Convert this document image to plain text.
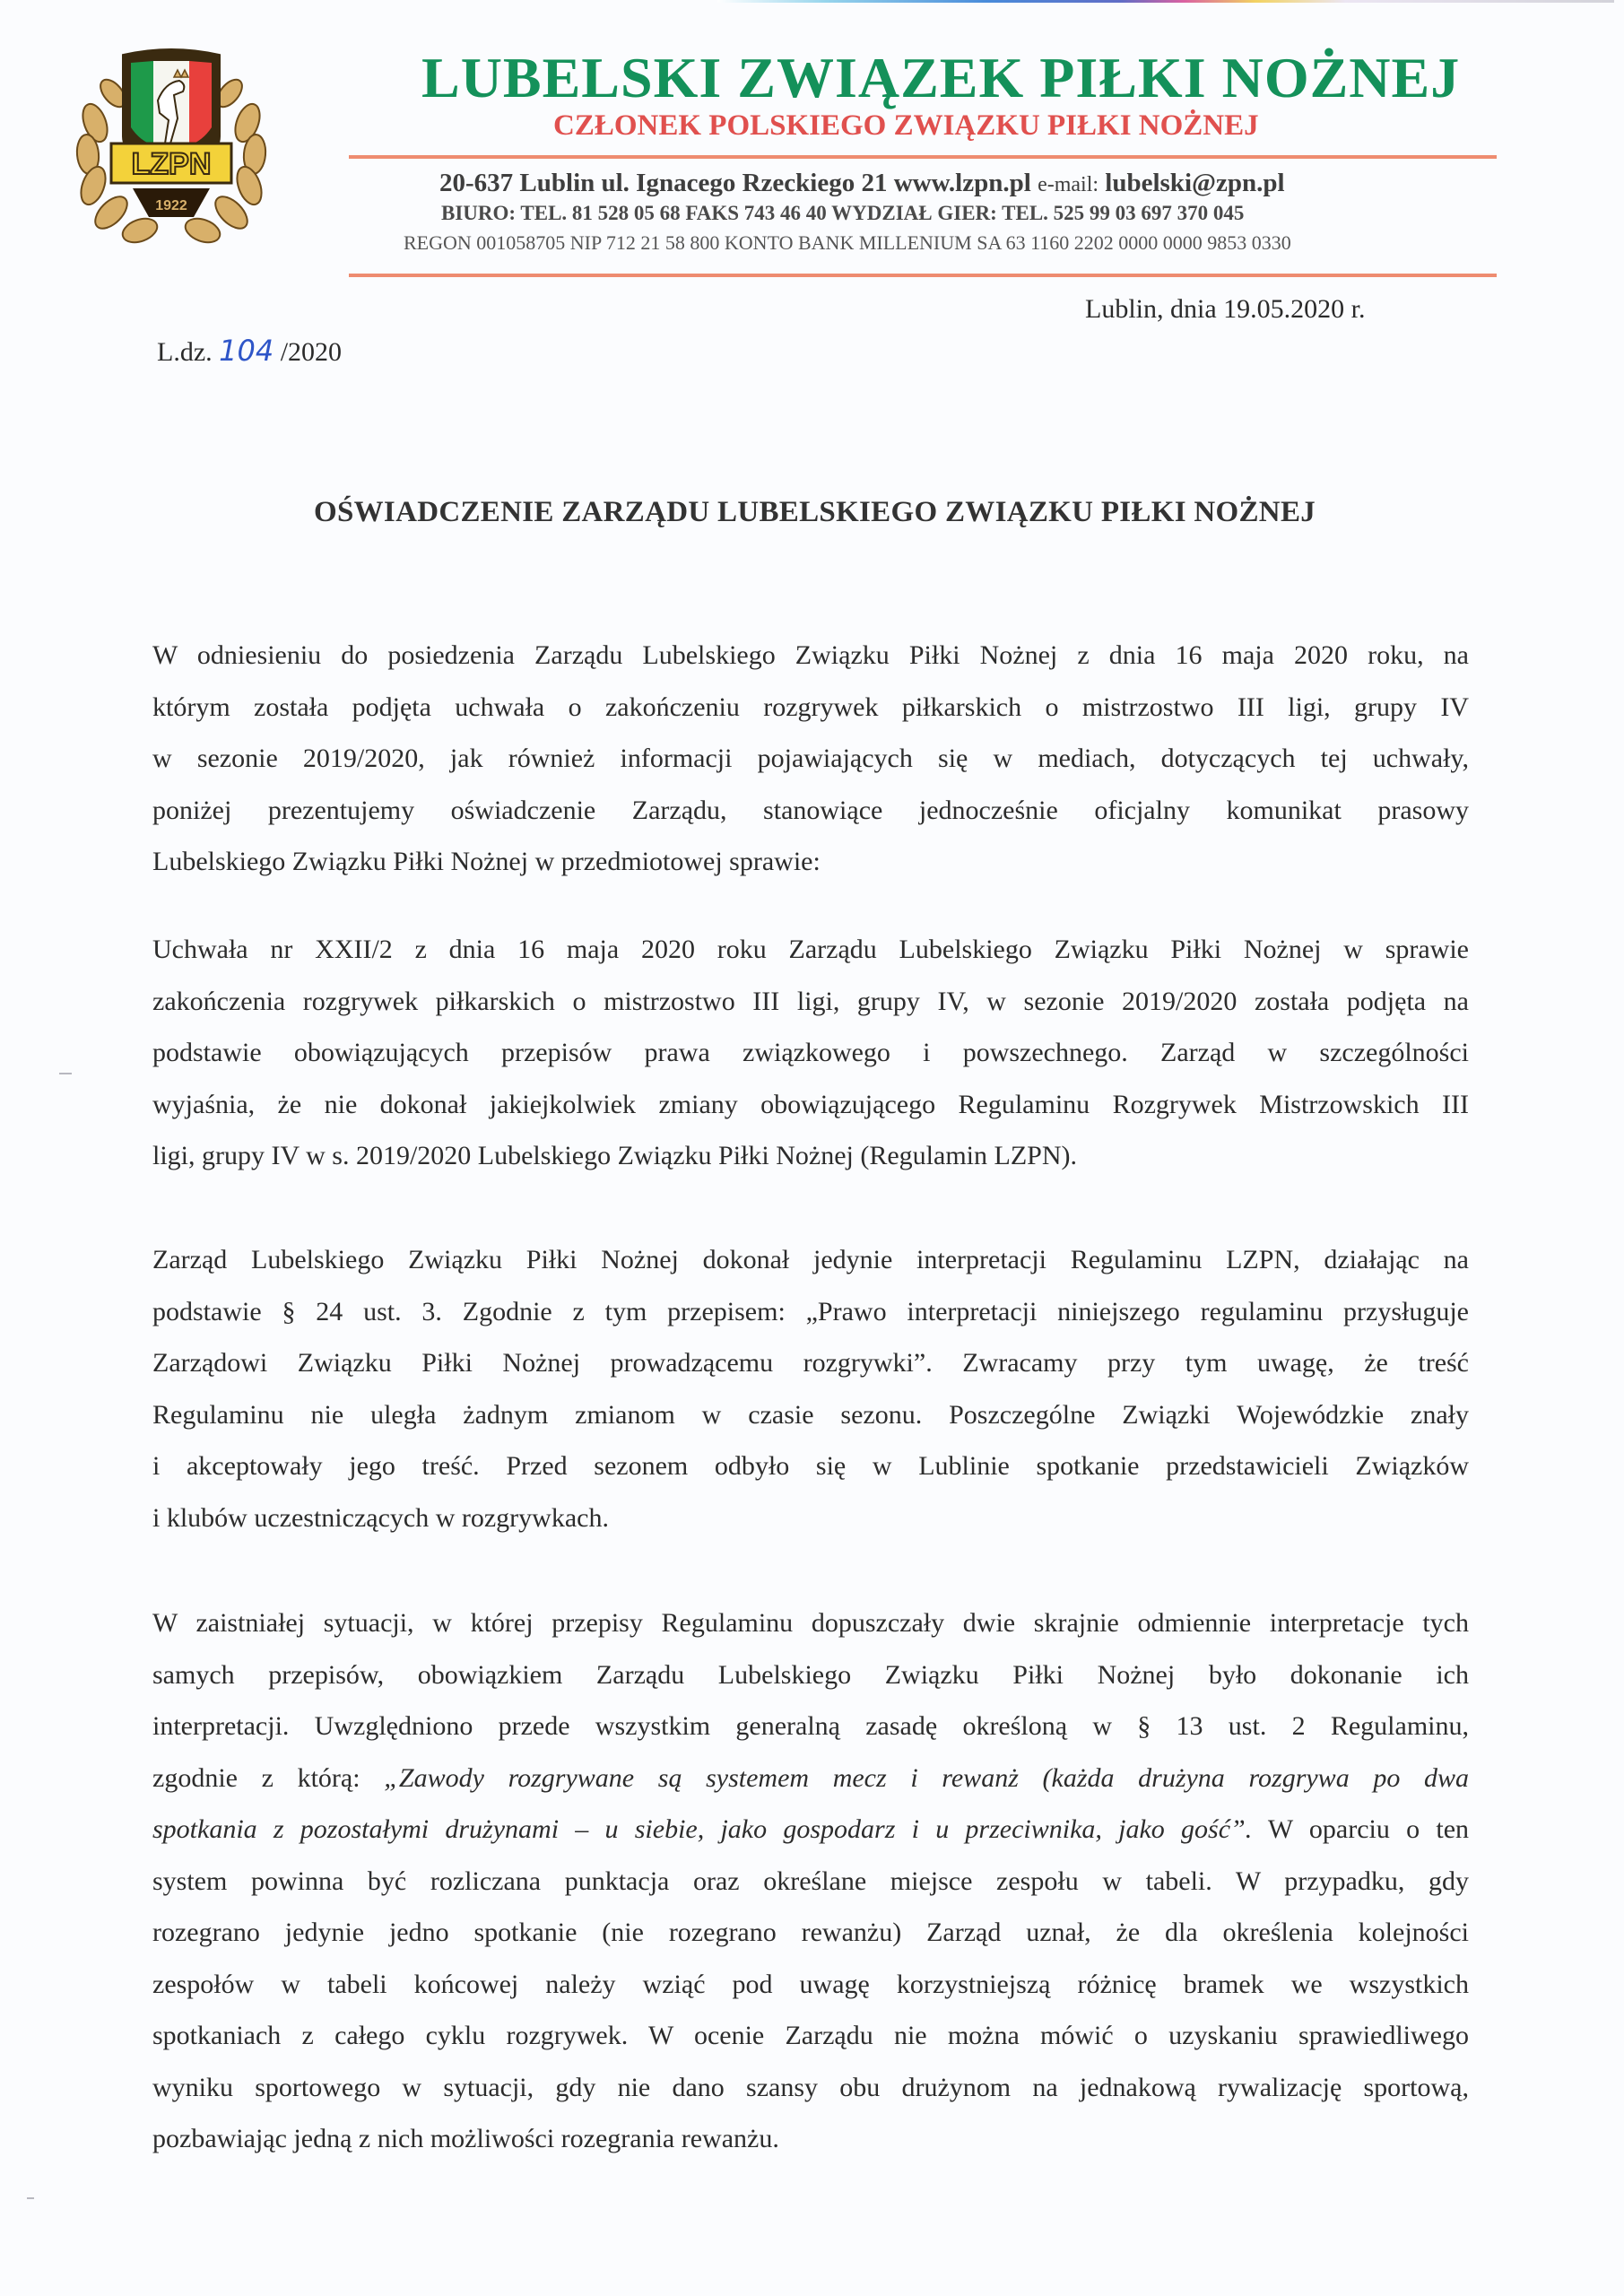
LZPN
1922
LUBELSKI ZWIĄZEK PIŁKI NOŻNEJ
CZŁONEK POLSKIEGO ZWIĄZKU PIŁKI NOŻNEJ
20-637 Lublin ul. Ignacego Rzeckiego 21 www.lzpn.pl e-mail: lubelski@zpn.pl
BIURO: TEL. 81 528 05 68 FAKS 743 46 40 WYDZIAŁ GIER: TEL. 525 99 03 697 370 045
REGON 001058705 NIP 712 21 58 800 KONTO BANK MILLENIUM SA 63 1160 2202 0000 0000 9853 0330
Lublin, dnia 19.05.2020 r.
L.dz. 104 /2020
OŚWIADCZENIE ZARZĄDU LUBELSKIEGO ZWIĄZKU PIŁKI NOŻNEJ
W odniesieniu do posiedzenia Zarządu Lubelskiego Związku Piłki Nożnej z dnia 16 maja 2020 roku, na
którym została podjęta uchwała o zakończeniu rozgrywek piłkarskich o mistrzostwo III ligi, grupy IV
w sezonie 2019/2020, jak również informacji pojawiających się w mediach, dotyczących tej uchwały,
poniżej prezentujemy oświadczenie Zarządu, stanowiące jednocześnie oficjalny komunikat prasowy
Lubelskiego Związku Piłki Nożnej w przedmiotowej sprawie:
Uchwała nr XXII/2 z dnia 16 maja 2020 roku Zarządu Lubelskiego Związku Piłki Nożnej w sprawie
zakończenia rozgrywek piłkarskich o mistrzostwo III ligi, grupy IV, w sezonie 2019/2020 została podjęta na
podstawie obowiązujących przepisów prawa związkowego i powszechnego. Zarząd w szczególności
wyjaśnia, że nie dokonał jakiejkolwiek zmiany obowiązującego Regulaminu Rozgrywek Mistrzowskich III
ligi, grupy IV w s. 2019/2020 Lubelskiego Związku Piłki Nożnej (Regulamin LZPN).
Zarząd Lubelskiego Związku Piłki Nożnej dokonał jedynie interpretacji Regulaminu LZPN, działając na
podstawie § 24 ust. 3. Zgodnie z tym przepisem: „Prawo interpretacji niniejszego regulaminu przysługuje
Zarządowi Związku Piłki Nożnej prowadzącemu rozgrywki”. Zwracamy przy tym uwagę, że treść
Regulaminu nie uległa żadnym zmianom w czasie sezonu. Poszczególne Związki Wojewódzkie znały
i akceptowały jego treść. Przed sezonem odbyło się w Lublinie spotkanie przedstawicieli Związków
i klubów uczestniczących w rozgrywkach.
W zaistniałej sytuacji, w której przepisy Regulaminu dopuszczały dwie skrajnie odmiennie interpretacje tych
samych przepisów, obowiązkiem Zarządu Lubelskiego Związku Piłki Nożnej było dokonanie ich
interpretacji. Uwzględniono przede wszystkim generalną zasadę określoną w § 13 ust. 2 Regulaminu,
zgodnie z którą: „Zawody rozgrywane są systemem mecz i rewanż (każda drużyna rozgrywa po dwa
spotkania z pozostałymi drużynami – u siebie, jako gospodarz i u przeciwnika, jako gość”. W oparciu o ten
system powinna być rozliczana punktacja oraz określane miejsce zespołu w tabeli. W przypadku, gdy
rozegrano jedynie jedno spotkanie (nie rozegrano rewanżu) Zarząd uznał, że dla określenia kolejności
zespołów w tabeli końcowej należy wziąć pod uwagę korzystniejszą różnicę bramek we wszystkich
spotkaniach z całego cyklu rozgrywek. W ocenie Zarządu nie można mówić o uzyskaniu sprawiedliwego
wyniku sportowego w sytuacji, gdy nie dano szansy obu drużynom na jednakową rywalizację sportową,
pozbawiając jedną z nich możliwości rozegrania rewanżu.
